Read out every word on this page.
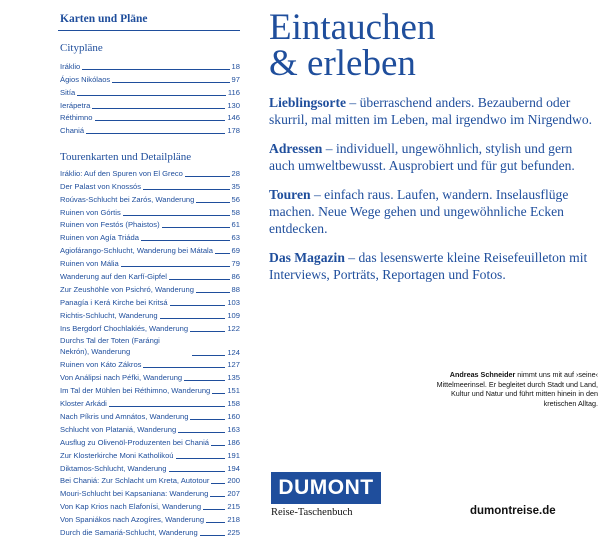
Karten und Pläne
Citypläne
Iráklio	18
Ágios Nikólaos	97
Sitía	116
Ierápetra	130
Réthimno	146
Chaniá	178
Tourenkarten und Detailpläne
Iráklio: Auf den Spuren von El Greco	28
Der Palast von Knossós	35
Roúvas-Schlucht bei Zarós, Wanderung	56
Ruinen von Górtis	58
Ruinen von Festós (Phaistos)	61
Ruinen von Agía Triáda	63
Agiofárango-Schlucht, Wanderung bei Mátala 69
Ruinen von Mália	79
Wanderung auf den Karfí-Gipfel	86
Zur Zeushöhle von Psichró, Wanderung	88
Panagía i Kerá Kirche bei Kritsá	103
Richtis-Schlucht, Wanderung	109
Ins Bergdorf Chochlakiés, Wanderung	122
Durchs Tal der Toten (Farángi Nekrón), Wanderung	124
Ruinen von Káto Zákros	127
Von Análipsi nach Péfki, Wanderung	135
Im Tal der Mühlen bei Réthimno, Wanderung 151
Kloster Arkádi	158
Nach Píkris und Amnátos, Wanderung	160
Schlucht von Plataniá, Wanderung	163
Ausflug zu Olivenöl-Produzenten bei Chaniá 186
Zur Klosterkirche Moni Katholikoú	191
Diktamos-Schlucht, Wanderung	194
Bei Chaniá: Zur Schlacht um Kreta, Autotour 200
Mouri-Schlucht bei Kapsaniana: Wanderung	207
Von Kap Krios nach Elafonísi, Wanderung	215
Von Spaniákos nach Azogíres, Wanderung	218
Durch die Samariá-Schlucht, Wanderung	225
Eintauchen
& erleben
Lieblingsorte – überraschend anders. Bezaubernd oder skurril, mal mitten im Leben, mal irgendwo im Nirgendwo.
Adressen – individuell, ungewöhnlich, stylish und gern auch umweltbewusst. Ausprobiert und für gut befunden.
Touren – einfach raus. Laufen, wandern. Inselausflüge machen. Neue Wege gehen und ungewöhnliche Ecken entdecken.
Das Magazin – das lesenswerte kleine Reisefeuilleton mit Interviews, Porträts, Reportagen und Fotos.
Andreas Schneider nimmt uns mit auf ›seine‹ Mittelmeerinsel. Er begleitet durch Stadt und Land, Kultur und Natur und führt mitten hinein in den kretischen Alltag.
DUMONT
Reise-Taschenbuch	dumontreise.de
